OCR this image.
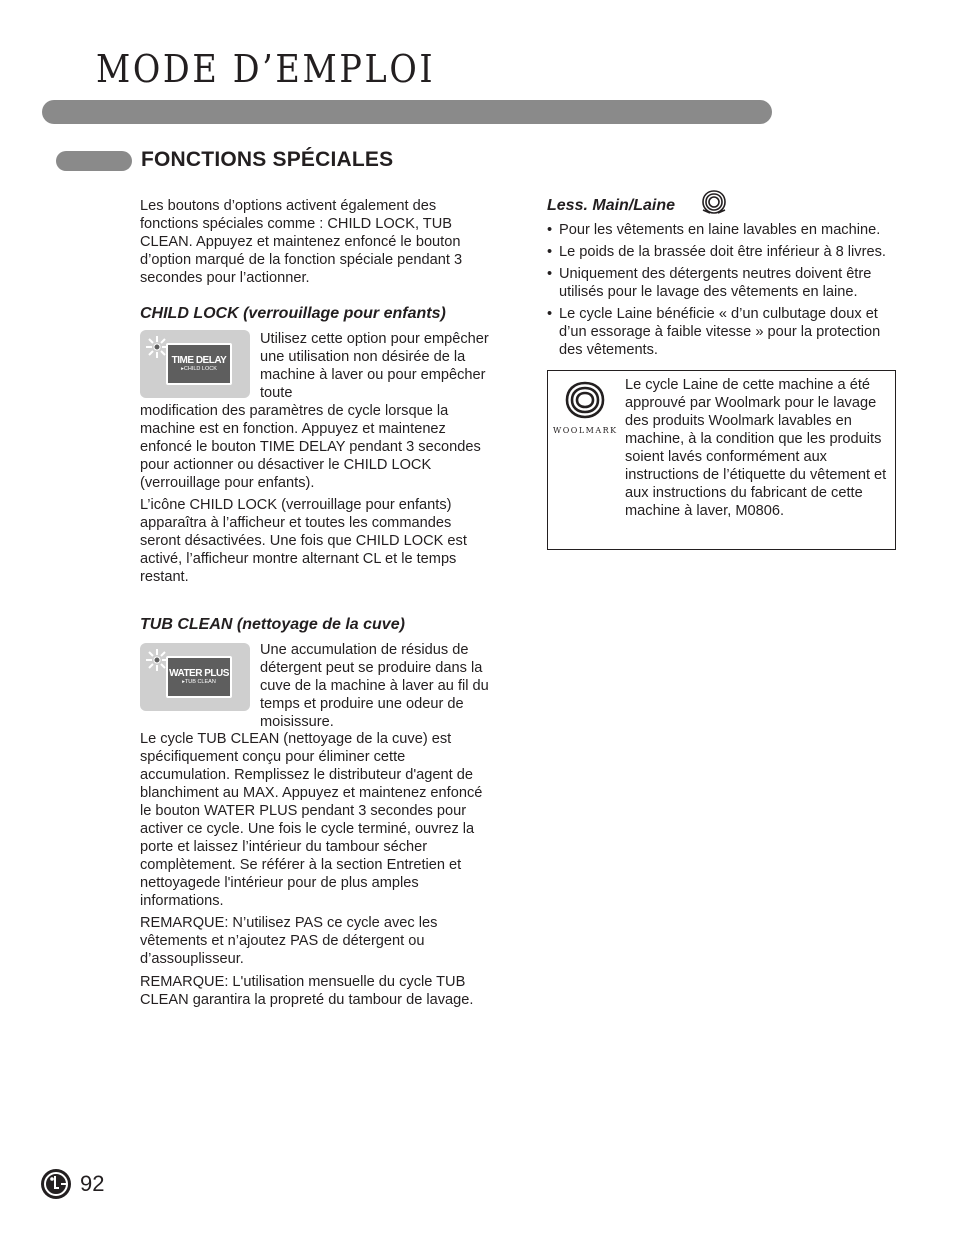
MODE D’EMPLOI
FONCTIONS SPÉCIALES
Les boutons d’options activent également des fonctions spéciales comme : CHILD LOCK, TUB CLEAN. Appuyez et maintenez enfoncé le bouton d’option marqué de la fonction spéciale pendant 3 secondes pour l’actionner.
CHILD LOCK (verrouillage pour enfants)
TIME DELAY
▸CHILD LOCK
Utilisez cette option pour empêcher une utilisation non désirée de la machine à laver ou pour empêcher toute
modification des paramètres de cycle lorsque la machine est en fonction. Appuyez et maintenez enfoncé le bouton TIME DELAY pendant 3 secondes pour actionner ou désactiver le CHILD LOCK (verrouillage pour enfants).
L’icône CHILD LOCK (verrouillage pour enfants) apparaîtra à l’afficheur et toutes les commandes seront désactivées. Une fois que CHILD LOCK est activé, l’afficheur montre alternant CL et le temps restant.
TUB CLEAN (nettoyage de la cuve)
WATER PLUS
▸TUB CLEAN
Une accumulation de résidus de détergent peut se produire dans la cuve de la machine à laver au fil du temps et produire une odeur de moisissure.
Le cycle TUB CLEAN (nettoyage de la cuve) est spécifiquement conçu pour éliminer cette accumulation. Remplissez le distributeur d'agent de blanchiment au MAX. Appuyez et maintenez enfoncé le bouton WATER PLUS pendant 3 secondes pour activer ce cycle. Une fois le cycle terminé, ouvrez la porte et laissez l’intérieur du tambour sécher complètement. Se référer à la section Entretien et nettoyagede l'intérieur pour de plus amples informations.
REMARQUE: N’utilisez PAS ce cycle avec les vêtements et n’ajoutez PAS de détergent ou d’assouplisseur.
REMARQUE: L'utilisation mensuelle du cycle TUB CLEAN garantira la propreté du tambour de lavage.
Less. Main/Laine
• Pour les vêtements en laine lavables en machine.
• Le poids de la brassée doit être inférieur à 8 livres.
• Uniquement des détergents neutres doivent être utilisés pour le lavage des vêtements en laine.
• Le cycle Laine bénéficie « d’un culbutage doux et d’un essorage à faible vitesse » pour la protection des vêtements.
WOOLMARK
Le cycle Laine de cette machine a été approuvé par Woolmark pour le lavage des produits Woolmark lavables en machine, à la condition que les produits soient lavés conformément aux instructions de l’étiquette du vêtement et aux instructions du fabricant de cette machine à laver, M0806.
92
